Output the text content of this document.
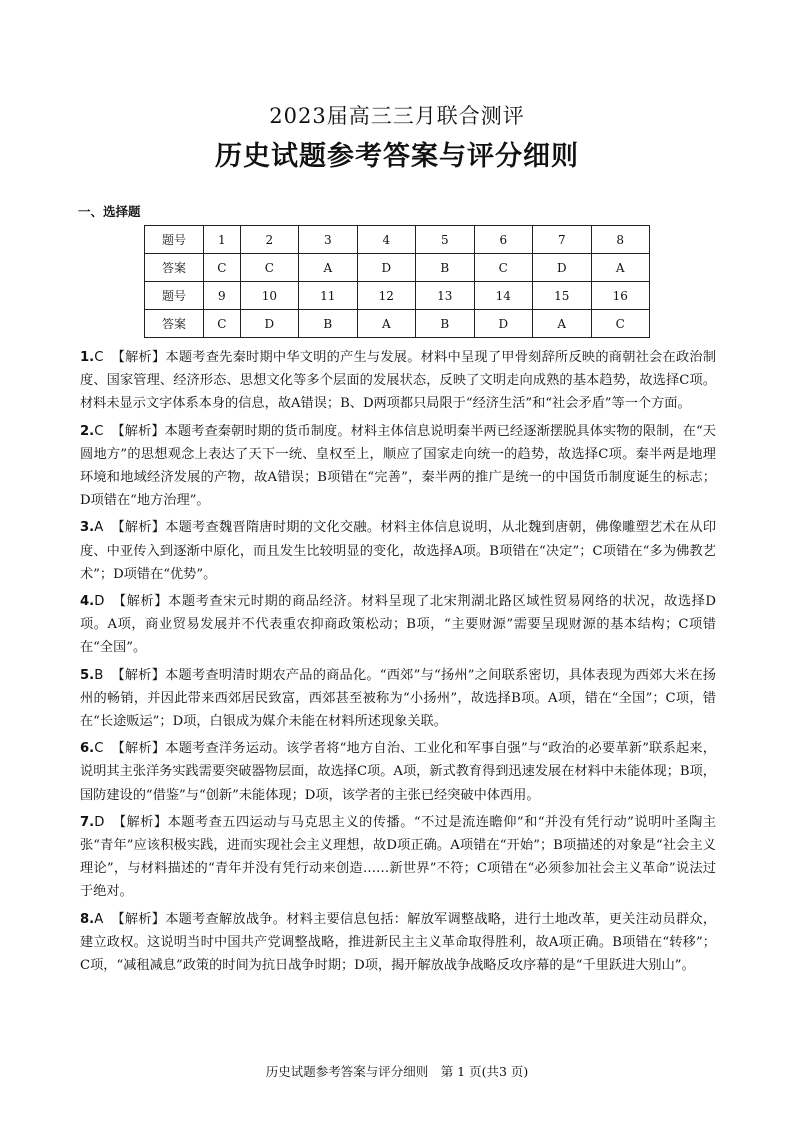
2023届高三三月联合测评
历史试题参考答案与评分细则
一、选择题
题号	1	2	3	4	5	6	7	8
答案	C	C	A	D	B	C	D	A
题号	9	10	11	12	13	14	15	16
答案	C	D	B	A	B	D	A	C
1.C 【解析】本题考查先秦时期中华文明的产生与发展。材料中呈现了甲骨刻辞所反映的商朝社会在政治制度、国家管理、经济形态、思想文化等多个层面的发展状态，反映了文明走向成熟的基本趋势，故选择C项。材料未显示文字体系本身的信息，故A错误；B、D两项都只局限于“经济生活”和“社会矛盾”等一个方面。
2.C 【解析】本题考查秦朝时期的货币制度。材料主体信息说明秦半两已经逐渐摆脱具体实物的限制，在“天圆地方”的思想观念上表达了天下一统、皇权至上，顺应了国家走向统一的趋势，故选择C项。秦半两是地理环境和地域经济发展的产物，故A错误；B项错在“完善”，秦半两的推广是统一的中国货币制度诞生的标志；D项错在“地方治理”。
3.A 【解析】本题考查魏晋隋唐时期的文化交融。材料主体信息说明，从北魏到唐朝，佛像雕塑艺术在从印度、中亚传入到逐渐中原化，而且发生比较明显的变化，故选择A项。B项错在“决定”；C项错在“多为佛教艺术”；D项错在“优势”。
4.D 【解析】本题考查宋元时期的商品经济。材料呈现了北宋荆湖北路区域性贸易网络的状况，故选择D项。A项，商业贸易发展并不代表重农抑商政策松动；B项，“主要财源”需要呈现财源的基本结构；C项错在“全国”。
5.B 【解析】本题考查明清时期农产品的商品化。“西郊”与“扬州”之间联系密切，具体表现为西郊大米在扬州的畅销，并因此带来西郊居民致富，西郊甚至被称为“小扬州”，故选择B项。A项，错在“全国”；C项，错在“长途贩运”；D项，白银成为媒介未能在材料所述现象关联。
6.C 【解析】本题考查洋务运动。该学者将“地方自治、工业化和军事自强”与“政治的必要革新”联系起来，说明其主张洋务实践需要突破器物层面，故选择C项。A项，新式教育得到迅速发展在材料中未能体现；B项，国防建设的“借鉴”与“创新”未能体现；D项，该学者的主张已经突破中体西用。
7.D 【解析】本题考查五四运动与马克思主义的传播。“不过是流连瞻仰”和“并没有凭行动”说明叶圣陶主张“青年”应该积极实践，进而实现社会主义理想，故D项正确。A项错在“开始”；B项描述的对象是“社会主义理论”，与材料描述的“青年并没有凭行动来创造……新世界”不符；C项错在“必须参加社会主义革命”说法过于绝对。
8.A 【解析】本题考查解放战争。材料主要信息包括：解放军调整战略，进行土地改革，更关注动员群众，建立政权。这说明当时中国共产党调整战略，推进新民主主义革命取得胜利，故A项正确。B项错在“转移”；C项，“减租减息”政策的时间为抗日战争时期；D项，揭开解放战争战略反攻序幕的是“千里跃进大别山”。
历史试题参考答案与评分细则　第 1 页(共3 页)
